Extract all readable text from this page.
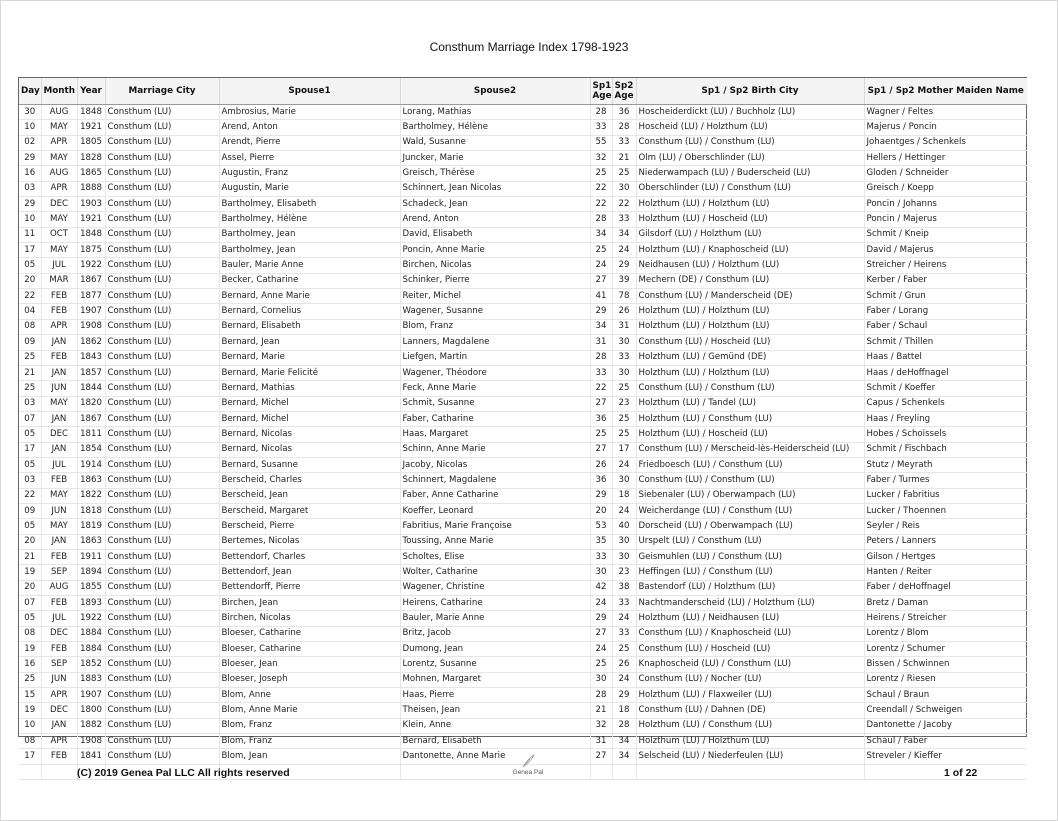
Consthum Marriage Index 1798-1923
Day	Month	Year	Marriage City	Spouse1	Spouse2	Sp1 Age	Sp2 Age	Sp1 / Sp2 Birth City	Sp1 / Sp2 Mother Maiden Name
30	AUG	1848	Consthum (LU)	Ambrosius, Marie	Lorang, Mathias	28	36	Hoscheiderdickt (LU) / Buchholz (LU)	Wagner / Feltes
10	MAY	1921	Consthum (LU)	Arend, Anton	Bartholmey, Hélène	33	28	Hoscheid (LU) / Holzthum (LU)	Majerus / Poncin
02	APR	1805	Consthum (LU)	Arendt, Pierre	Wald, Susanne	55	33	Consthum (LU) / Consthum (LU)	Johaentges / Schenkels
29	MAY	1828	Consthum (LU)	Assel, Pierre	Juncker, Marie	32	21	Olm (LU) / Oberschlinder (LU)	Hellers / Hettinger
16	AUG	1865	Consthum (LU)	Augustin, Franz	Greisch, Thérèse	25	25	Niederwampach (LU) / Buderscheid (LU)	Gloden / Schneider
03	APR	1888	Consthum (LU)	Augustin, Marie	Schinnert, Jean Nicolas	22	30	Oberschlinder (LU) / Consthum (LU)	Greisch / Koepp
29	DEC	1903	Consthum (LU)	Bartholmey, Elisabeth	Schadeck, Jean	22	22	Holzthum (LU) / Holzthum (LU)	Poncin / Johanns
10	MAY	1921	Consthum (LU)	Bartholmey, Hélène	Arend, Anton	28	33	Holzthum (LU) / Hoscheid (LU)	Poncin / Majerus
11	OCT	1848	Consthum (LU)	Bartholmey, Jean	David, Elisabeth	34	34	Gilsdorf (LU) / Holzthum (LU)	Schmit / Kneip
17	MAY	1875	Consthum (LU)	Bartholmey, Jean	Poncin, Anne Marie	25	24	Holzthum (LU) / Knaphoscheid (LU)	David / Majerus
05	JUL	1922	Consthum (LU)	Bauler, Marie Anne	Birchen, Nicolas	24	29	Neidhausen (LU) / Holzthum (LU)	Streicher / Heirens
20	MAR	1867	Consthum (LU)	Becker, Catharine	Schinker, Pierre	27	39	Mechern (DE) / Consthum (LU)	Kerber / Faber
22	FEB	1877	Consthum (LU)	Bernard, Anne Marie	Reiter, Michel	41	78	Consthum (LU) / Manderscheid (DE)	Schmit / Grun
04	FEB	1907	Consthum (LU)	Bernard, Cornelius	Wagener, Susanne	29	26	Holzthum (LU) / Holzthum (LU)	Faber / Lorang
08	APR	1908	Consthum (LU)	Bernard, Elisabeth	Blom, Franz	34	31	Holzthum (LU) / Holzthum (LU)	Faber / Schaul
09	JAN	1862	Consthum (LU)	Bernard, Jean	Lanners, Magdalene	31	30	Consthum (LU) / Hoscheid (LU)	Schmit / Thillen
25	FEB	1843	Consthum (LU)	Bernard, Marie	Liefgen, Martin	28	33	Holzthum (LU) / Gemünd (DE)	Haas / Battel
21	JAN	1857	Consthum (LU)	Bernard, Marie Felicité	Wagener, Théodore	33	30	Holzthum (LU) / Holzthum (LU)	Haas / deHoffnagel
25	JUN	1844	Consthum (LU)	Bernard, Mathias	Feck, Anne Marie	22	25	Consthum (LU) / Consthum (LU)	Schmit / Koeffer
03	MAY	1820	Consthum (LU)	Bernard, Michel	Schmit, Susanne	27	23	Holzthum (LU) / Tandel (LU)	Capus / Schenkels
07	JAN	1867	Consthum (LU)	Bernard, Michel	Faber, Catharine	36	25	Holzthum (LU) / Consthum (LU)	Haas / Freyling
05	DEC	1811	Consthum (LU)	Bernard, Nicolas	Haas, Margaret	25	25	Holzthum (LU) / Hoscheid (LU)	Hobes / Schoissels
17	JAN	1854	Consthum (LU)	Bernard, Nicolas	Schinn, Anne Marie	27	17	Consthum (LU) / Merscheid-lès-Heiderscheid (LU)	Schmit / Fischbach
05	JUL	1914	Consthum (LU)	Bernard, Susanne	Jacoby, Nicolas	26	24	Friedboesch (LU) / Consthum (LU)	Stutz / Meyrath
03	FEB	1863	Consthum (LU)	Berscheid, Charles	Schinnert, Magdalene	36	30	Consthum (LU) / Consthum (LU)	Faber / Turmes
22	MAY	1822	Consthum (LU)	Berscheid, Jean	Faber, Anne Catharine	29	18	Siebenaler (LU) / Oberwampach (LU)	Lucker / Fabritius
09	JUN	1818	Consthum (LU)	Berscheid, Margaret	Koeffer, Leonard	20	24	Weicherdange (LU) / Consthum (LU)	Lucker / Thoennen
05	MAY	1819	Consthum (LU)	Berscheid, Pierre	Fabritius, Marie Françoise	53	40	Dorscheid (LU) / Oberwampach (LU)	Seyler / Reis
20	JAN	1863	Consthum (LU)	Bertemes, Nicolas	Toussing, Anne Marie	35	30	Urspelt (LU) / Consthum (LU)	Peters / Lanners
21	FEB	1911	Consthum (LU)	Bettendorf, Charles	Scholtes, Elise	33	30	Geismuhlen (LU) / Consthum (LU)	Gilson / Hertges
19	SEP	1894	Consthum (LU)	Bettendorf, Jean	Wolter, Catharine	30	23	Heffingen (LU) / Consthum (LU)	Hanten / Reiter
20	AUG	1855	Consthum (LU)	Bettendorff, Pierre	Wagener, Christine	42	38	Bastendorf (LU) / Holzthum (LU)	Faber / deHoffnagel
07	FEB	1893	Consthum (LU)	Birchen, Jean	Heirens, Catharine	24	33	Nachtmanderscheid (LU) / Holzthum (LU)	Bretz / Daman
05	JUL	1922	Consthum (LU)	Birchen, Nicolas	Bauler, Marie Anne	29	24	Holzthum (LU) / Neidhausen (LU)	Heirens / Streicher
08	DEC	1884	Consthum (LU)	Bloeser, Catharine	Britz, Jacob	27	33	Consthum (LU) / Knaphoscheid (LU)	Lorentz / Blom
19	FEB	1884	Consthum (LU)	Bloeser, Catharine	Dumong, Jean	24	25	Consthum (LU) / Hoscheid (LU)	Lorentz / Schumer
16	SEP	1852	Consthum (LU)	Bloeser, Jean	Lorentz, Susanne	25	26	Knaphoscheid (LU) / Consthum (LU)	Bissen / Schwinnen
25	JUN	1883	Consthum (LU)	Bloeser, Joseph	Mohnen, Margaret	30	24	Consthum (LU) / Nocher (LU)	Lorentz / Riesen
15	APR	1907	Consthum (LU)	Blom, Anne	Haas, Pierre	28	29	Holzthum (LU) / Flaxweiler (LU)	Schaul / Braun
19	DEC	1800	Consthum (LU)	Blom, Anne Marie	Theisen, Jean	21	18	Consthum (LU) / Dahnen (DE)	Creendall / Schweigen
10	JAN	1882	Consthum (LU)	Blom, Franz	Klein, Anne	32	28	Holzthum (LU) / Consthum (LU)	Dantonette / Jacoby
08	APR	1908	Consthum (LU)	Blom, Franz	Bernard, Elisabeth	31	34	Holzthum (LU) / Holzthum (LU)	Schaul / Faber
17	FEB	1841	Consthum (LU)	Blom, Jean	Dantonette, Anne Marie	27	34	Selscheid (LU) / Niederfeulen (LU)	Streveler / Kieffer

(C) 2019 Genea Pal LLC All rights reserved	Genea Pal	1 of 22
